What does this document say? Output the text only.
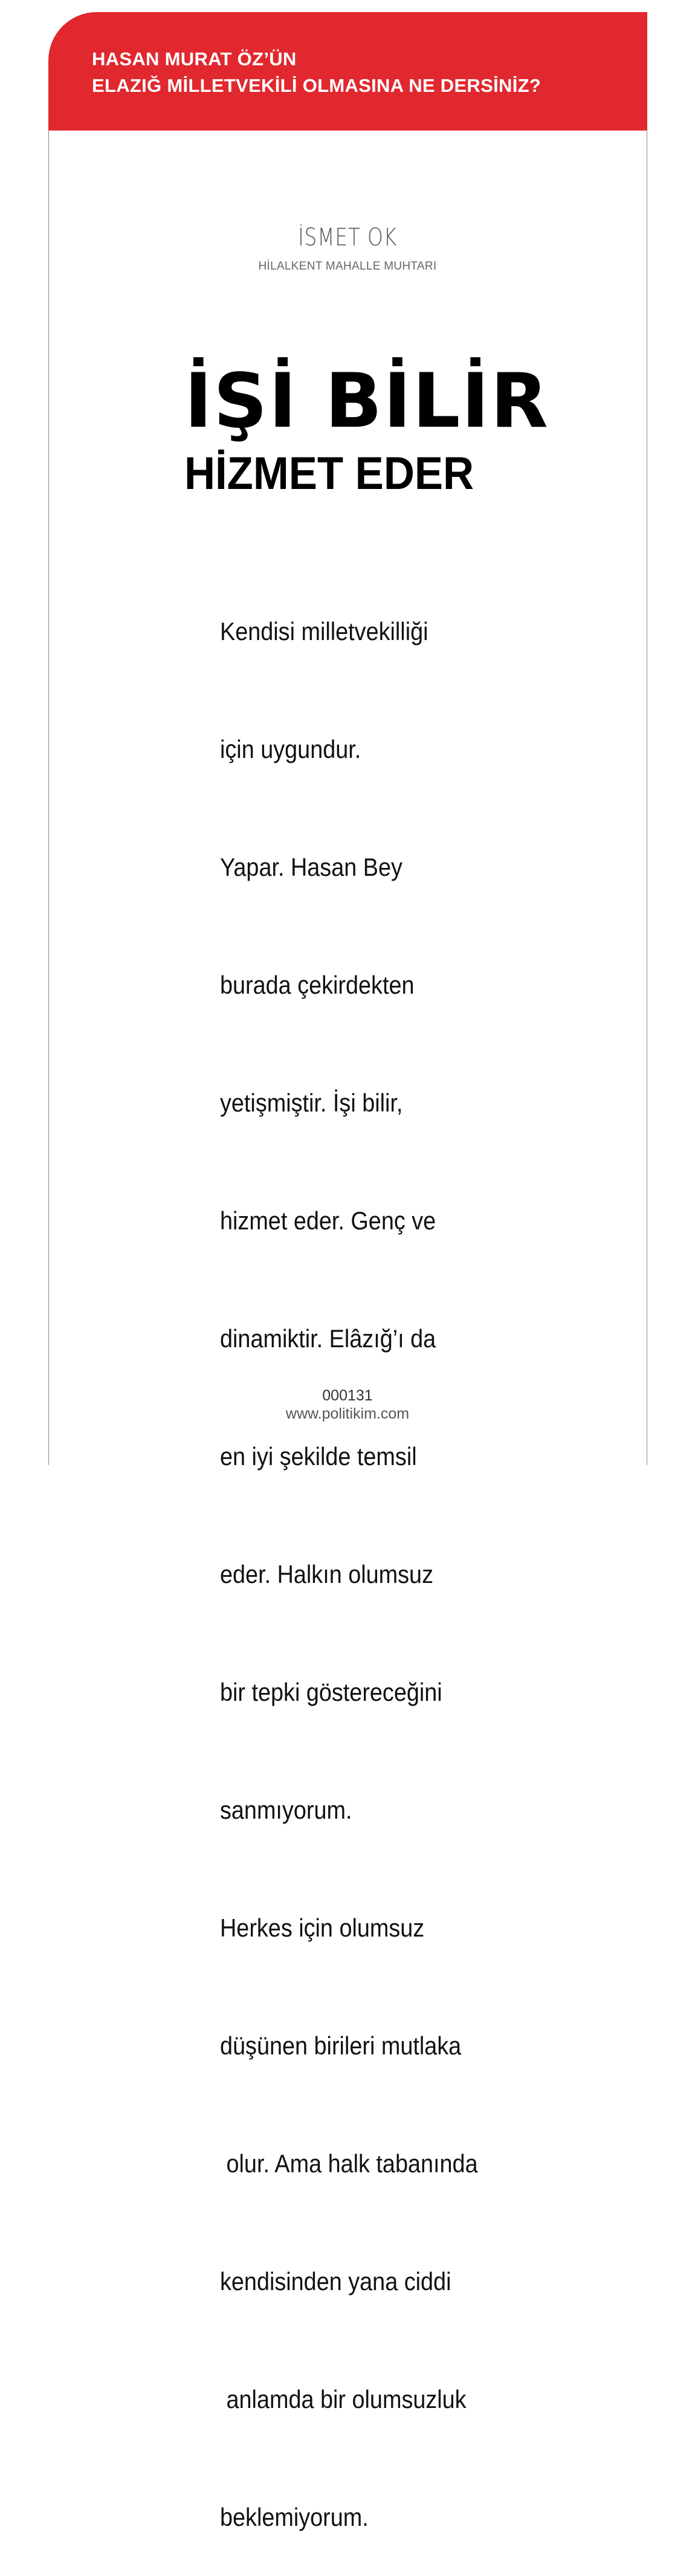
HASAN MURAT ÖZ’ÜN
ELAZIĞ MİLLETVEKİLİ OLMASINA NE DERSİNİZ?
İSMET OK
HİLALKENT MAHALLE MUHTARI
İŞİ BİLİR
HİZMET EDER

Kendisi milletvekilliği

için uygundur.

Yapar. Hasan Bey

burada çekirdekten

yetişmiştir. İşi bilir,

hizmet eder. Genç ve

dinamiktir. Elâzığ’ı da

en iyi şekilde temsil

eder. Halkın olumsuz

bir tepki göstereceğini

sanmıyorum.

Herkes için olumsuz

düşünen birileri mutlaka

olur. Ama halk tabanında

kendisinden yana ciddi

anlamda bir olumsuzluk

beklemiyorum.

000131
www.politikim.com
